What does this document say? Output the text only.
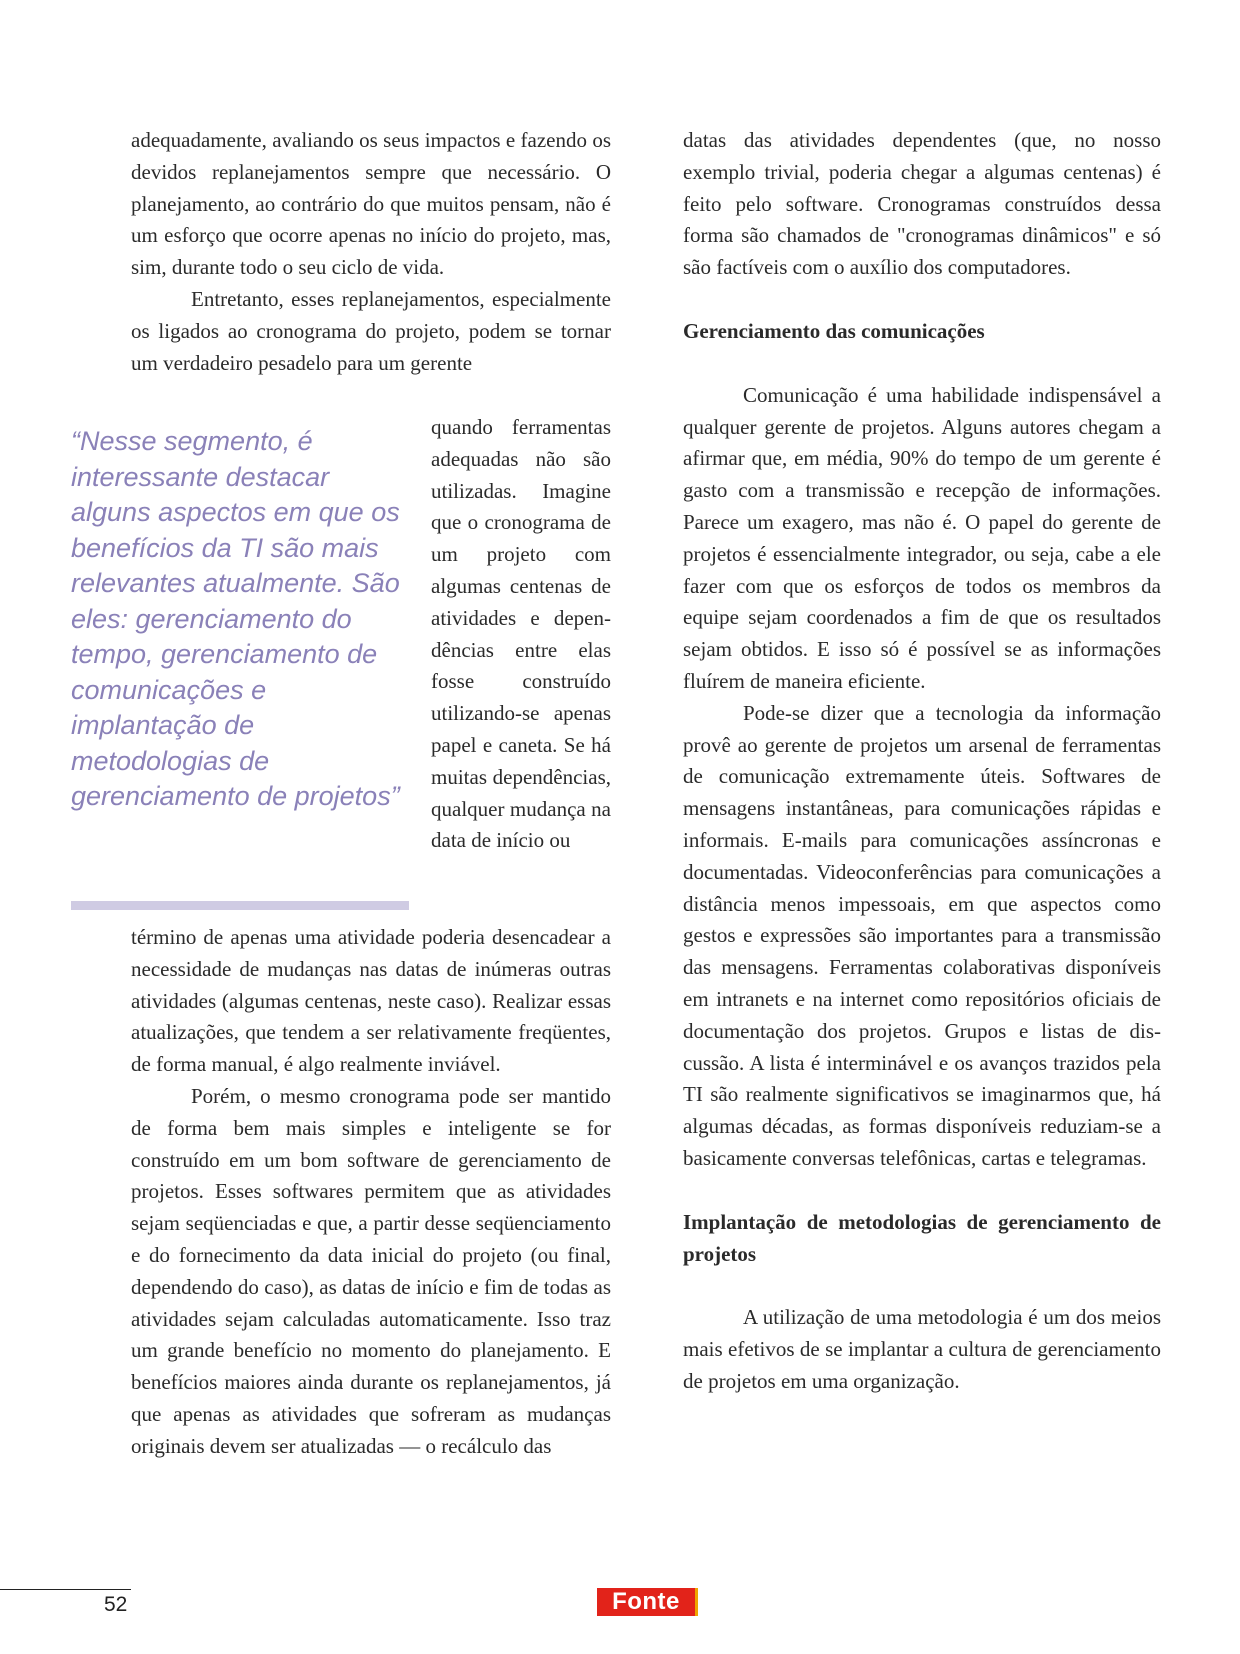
adequadamente, avaliando os seus impactos e fazendo os devidos replanejamentos sempre que necessário. O planejamento, ao contrário do que muitos pensam, não é um esforço que ocorre apenas no início do projeto, mas, sim, durante todo o seu ciclo de vida.

Entretanto, esses replanejamentos, especialmente os ligados ao cronograma do projeto, podem se tornar um verdadeiro pesadelo para um gerente

“Nesse segmento, é interessante destacar alguns aspectos em que os benefícios da TI são mais relevantes atualmente. São eles: gerenciamento do tempo, gerenciamento de comunicações e implantação de metodologias de gerenciamento de projetos”

quando ferramentas adequadas não são utilizadas. Imagine que o cronograma de um projeto com algumas centenas de atividades e dependências entre elas fosse construído utilizando-se apenas papel e caneta. Se há muitas dependências, qualquer mudança na data de início ou

término de apenas uma atividade poderia desencadear a necessidade de mudanças nas datas de inúmeras outras atividades (algumas centenas, neste caso). Realizar essas atualizações, que tendem a ser relativamente freqüentes, de forma manual, é algo realmente inviável.

Porém, o mesmo cronograma pode ser mantido de forma bem mais simples e inteligente se for construído em um bom software de gerenciamento de projetos. Esses softwares permitem que as atividades sejam seqüenciadas e que, a partir desse seqüenciamento e do fornecimento da data inicial do projeto (ou final, dependendo do caso), as datas de início e fim de todas as atividades sejam calculadas automaticamente. Isso traz um grande benefício no momento do planejamento. E benefícios maiores ainda durante os replanejamentos, já que apenas as atividades que sofreram as mudanças originais devem ser atualizadas — o recálculo das

datas das atividades dependentes (que, no nosso exemplo trivial, poderia chegar a algumas centenas) é feito pelo software. Cronogramas construídos dessa forma são chamados de "cronogramas dinâmicos" e só são factíveis com o auxílio dos computadores.

Gerenciamento das comunicações

Comunicação é uma habilidade indispensável a qualquer gerente de projetos. Alguns autores chegam a afirmar que, em média, 90% do tempo de um gerente é gasto com a transmissão e recepção de informações. Parece um exagero, mas não é. O papel do gerente de projetos é essencialmente integrador, ou seja, cabe a ele fazer com que os esforços de todos os membros da equipe sejam coordenados a fim de que os resultados sejam obtidos. E isso só é possível se as informações fluírem de maneira eficiente.

Pode-se dizer que a tecnologia da informação provê ao gerente de projetos um arsenal de ferramentas de comunicação extremamente úteis. Softwares de mensagens instantâneas, para comunicações rápidas e informais. E-mails para comunicações assíncronas e documentadas. Videoconferências para comunicações a distância menos impessoais, em que aspectos como gestos e expressões são importantes para a transmissão das mensagens. Ferramentas colaborativas disponíveis em intranets e na internet como repositórios oficiais de documentação dos projetos. Grupos e listas de discussão. A lista é interminável e os avanços trazidos pela TI são realmente significativos se imaginarmos que, há algumas décadas, as formas disponíveis reduziam-se a basicamente conversas telefônicas, cartas e telegramas.

Implantação de metodologias de gerenciamento de projetos

A utilização de uma metodologia é um dos meios mais efetivos de se implantar a cultura de gerenciamento de projetos em uma organização.

52	Fonte
